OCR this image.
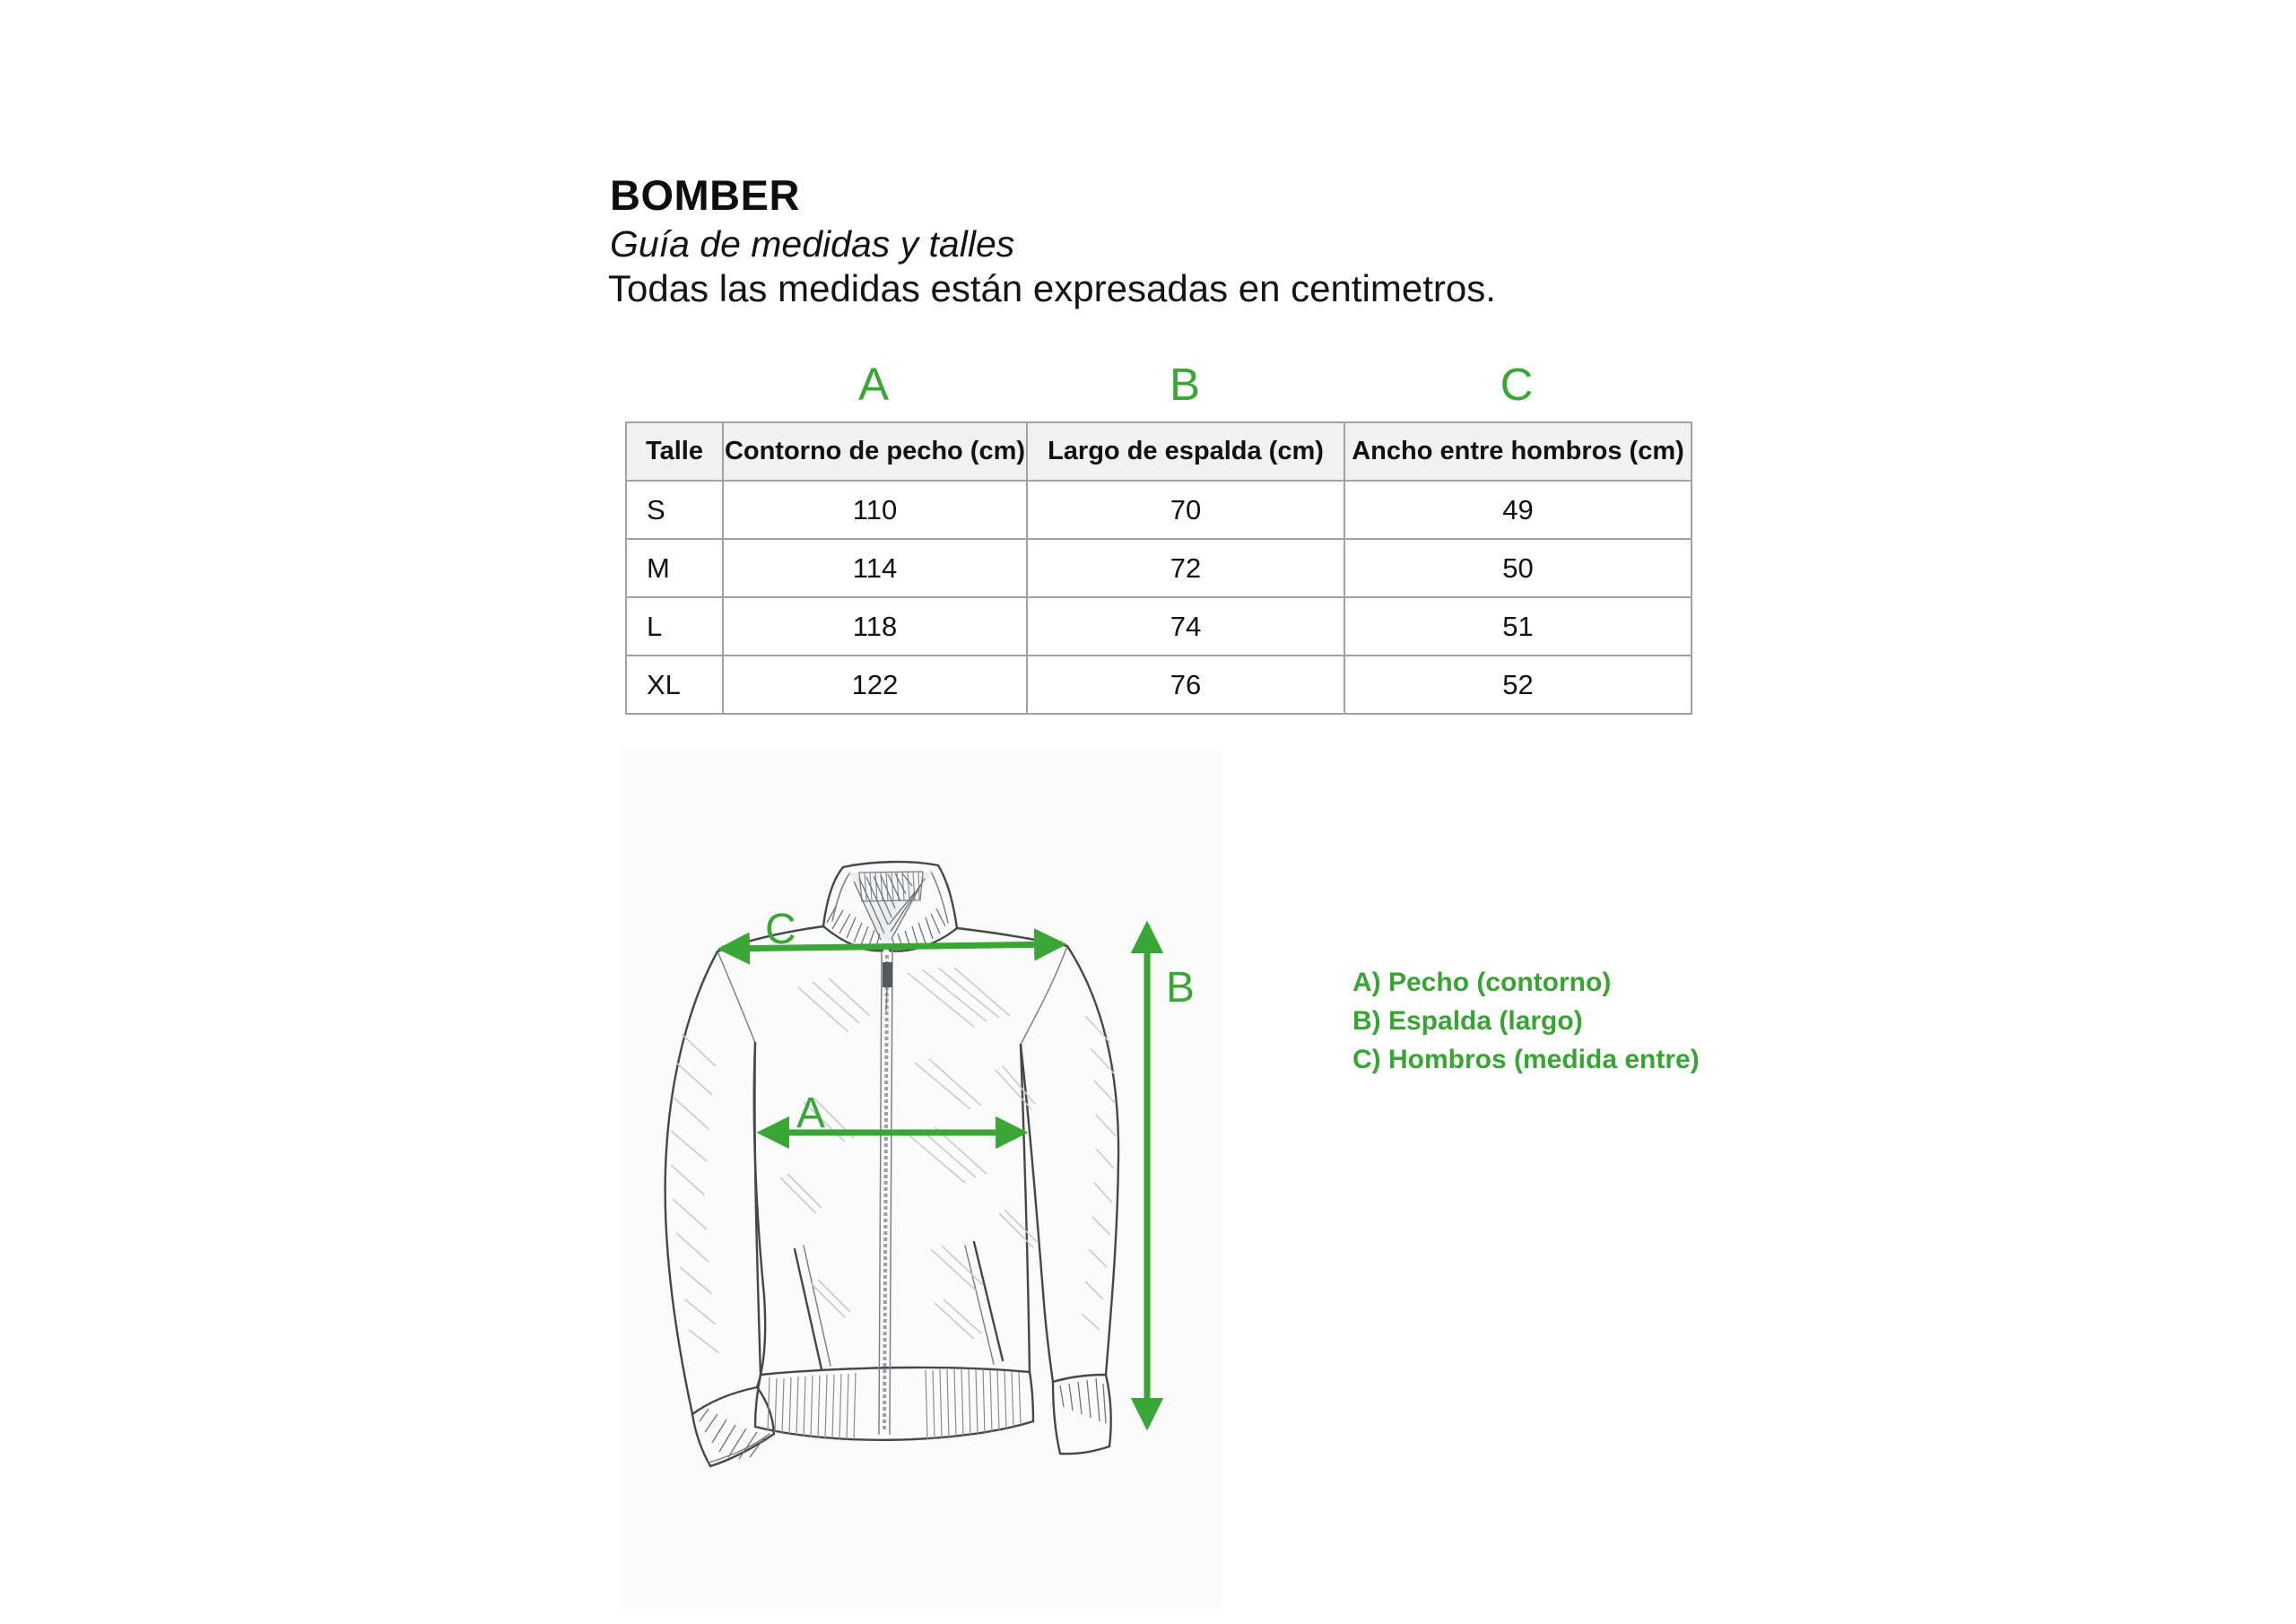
BOMBER

Guía de medidas y talles

Todas las medidas están expresadas en centimetros.

A	B	C
Talle	Contorno de pecho (cm)	Largo de espalda (cm)	Ancho entre hombros (cm)
S	110	70	49
M	114	72	50
L	118	74	51
XL	122	76	52
C
A
B	A) Pecho (contorno)

B) Espalda (largo)

C) Hombros (medida entre)
